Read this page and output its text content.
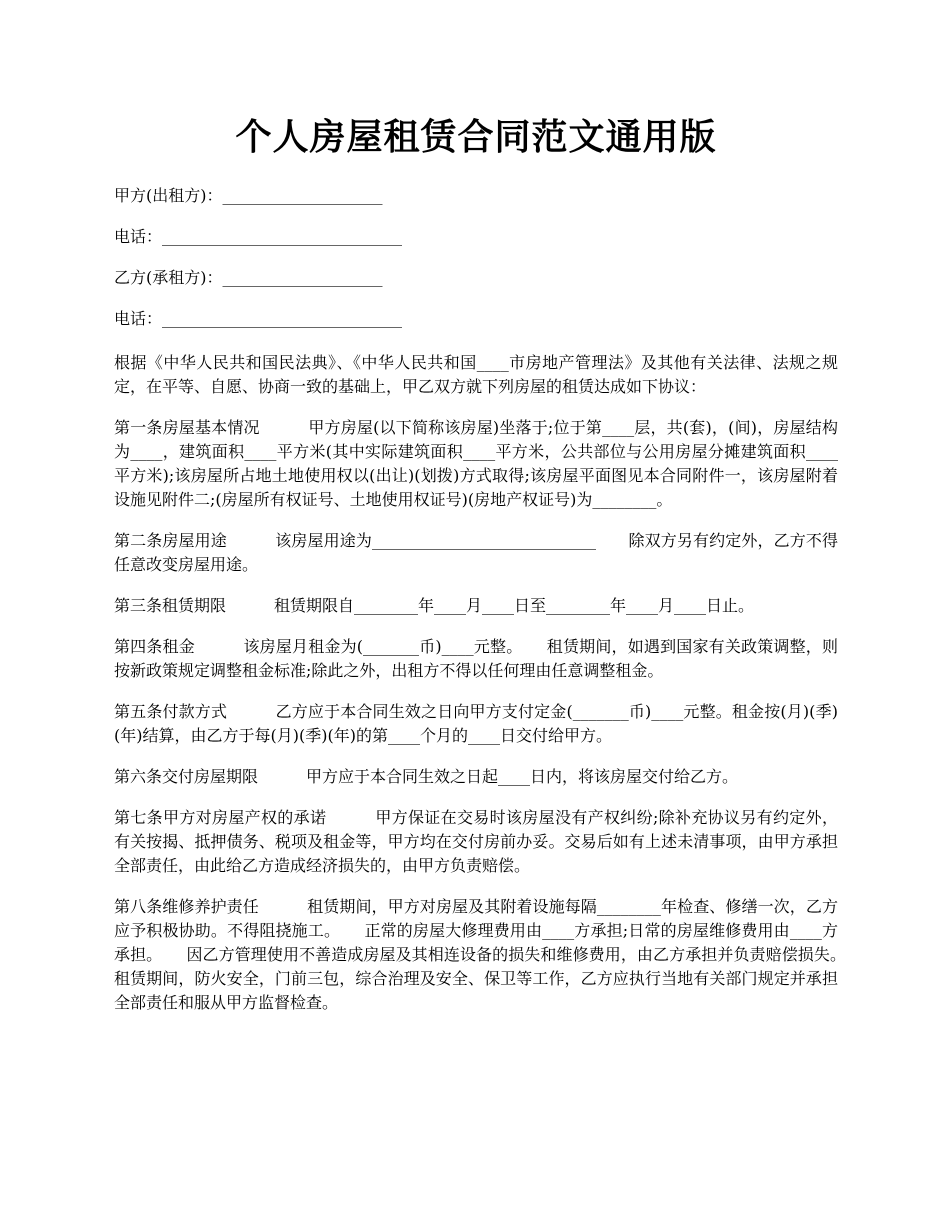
个人房屋租赁合同范文通用版

甲方(出租方)：____________________

电话：______________________________

乙方(承租方)：____________________

电话：______________________________

根据《中华人民共和国民法典》、《中华人民共和国____市房地产管理法》及其他有关法律、法规之规定，在平等、自愿、协商一致的基础上，甲乙双方就下列房屋的租赁达成如下协议：

第一条房屋基本情况　　　	甲方房屋(以下简称该房屋)坐落于;位于第____层，共(套)，(间)，房屋结构为____，建筑面积____平方米(其中实际建筑面积____平方米，公共部位与公用房屋分摊建筑面积____平方米);该房屋所占地土地使用权以(出让)(划拨)方式取得;该房屋平面图见本合同附件一，该房屋附着设施见附件二;(房屋所有权证号、土地使用权证号)(房地产权证号)为________。

第二条房屋用途　　　	该房屋用途为____________________________　　除双方另有约定外，乙方不得任意改变房屋用途。

第三条租赁期限　　　	租赁期限自________年____月____日至________年____月____日止。

第四条租金　　　	该房屋月租金为(_______币)____元整。　　租赁期间，如遇到国家有关政策调整，则按新政策规定调整租金标准;除此之外，出租方不得以任何理由任意调整租金。

第五条付款方式　　　	乙方应于本合同生效之日向甲方支付定金(_______币)____元整。租金按(月)(季)(年)结算，由乙方于每(月)(季)(年)的第____个月的____日交付给甲方。

第六条交付房屋期限　　　	甲方应于本合同生效之日起____日内，将该房屋交付给乙方。

第七条甲方对房屋产权的承诺　　　	甲方保证在交易时该房屋没有产权纠纷;除补充协议另有约定外，有关按揭、抵押债务、税项及租金等，甲方均在交付房前办妥。交易后如有上述未清事项，由甲方承担全部责任，由此给乙方造成经济损失的，由甲方负责赔偿。

第八条维修养护责任　　　	租赁期间，甲方对房屋及其附着设施每隔________年检查、修缮一次，乙方应予积极协助。不得阻挠施工。　　正常的房屋大修理费用由____方承担;日常的房屋维修费用由____方承担。　　因乙方管理使用不善造成房屋及其相连设备的损失和维修费用，由乙方承担并负责赔偿损失。　　租赁期间，防火安全，门前三包，综合治理及安全、保卫等工作，乙方应执行当地有关部门规定并承担全部责任和服从甲方监督检查。
